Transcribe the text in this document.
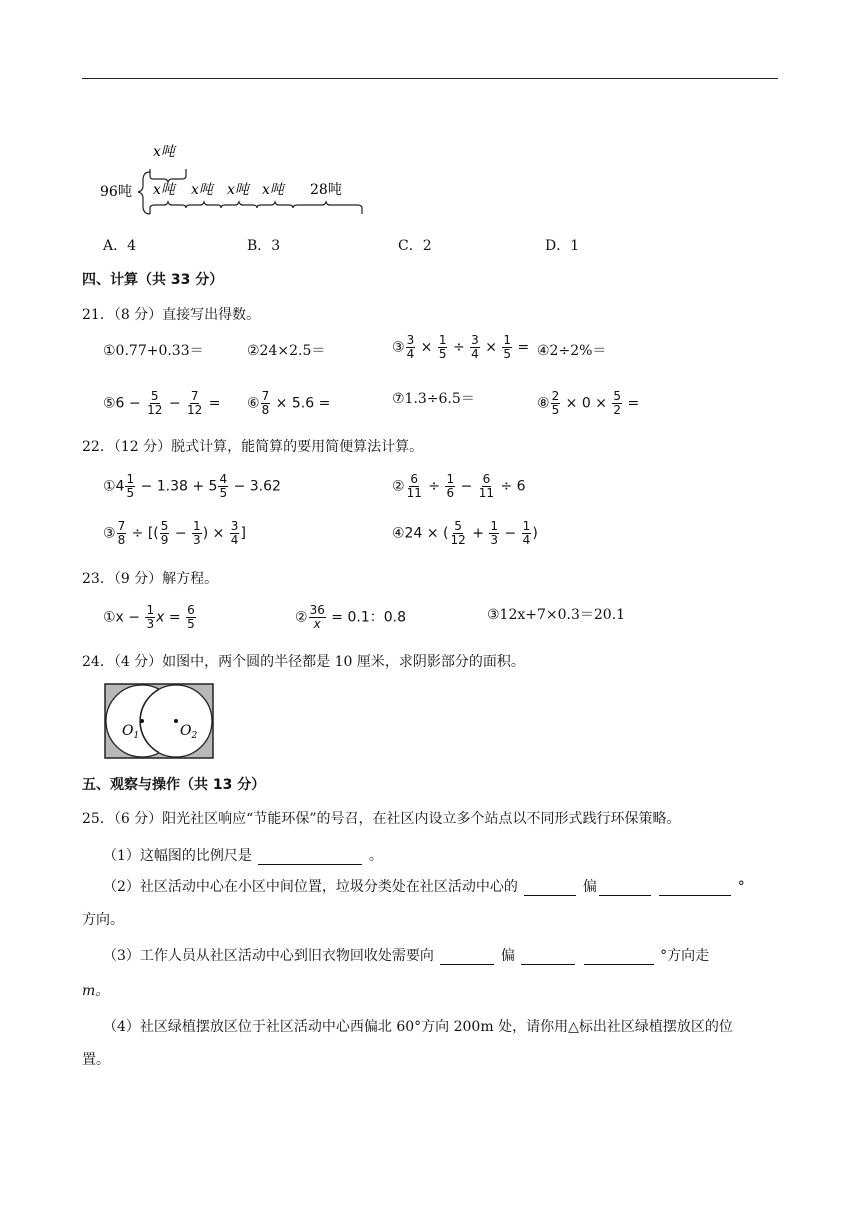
x吨
96吨 x吨 x吨 x吨 x吨 28吨
A．4	B．3	C．2	D．1
四、计算（共 33 分）
21．（8 分）直接写出得数。
①0.77+0.33＝	②24×2.5＝	③ $\frac{3}{4} \times \frac{1}{5} \div \frac{3}{4} \times \frac{1}{5}$ = ④2÷2%＝
⑤6 − $\frac{5}{12} - \frac{7}{12}$ = ⑥ $\frac{7}{8} \times 5.6$ =	⑦1.3÷6.5＝	⑧ $\frac{2}{5} \times 0 \times \frac{5}{2}$ =
22．（12 分）脱式计算，能简算的要用简便算法计算。
①4 $\frac{1}{5} - 1.38 + 5 \frac{4}{5} - 3.62$	② $\frac{6}{11} \div \frac{1}{6} - \frac{6}{11} \div 6$
③ $\frac{7}{8}$ ÷ [( $\frac{5}{9} - \frac{1}{3}$ ) × $\frac{3}{4}$ ]	④24 × ( $\frac{5}{12} + \frac{1}{3} - \frac{1}{4}$ )
23．（9 分）解方程。
①x − $\frac{1}{3}$ $x = \frac{6}{5}$	② $\frac{36}{x} = 0.1$：0.8	③12x+7×0.3＝20.1
24．（4 分）如图中，两个圆的半径都是 10 厘米，求阴影部分的面积。
$O_1$	$O_2$
五、观察与操作（共 13 分）
25．（6 分）阳光社区响应“节能环保”的号召，在社区内设立多个站点以不同形式践行环保策略。
（1）这幅图的比例尺是	。
（2）社区活动中心在小区中间位置，垃圾分类处在社区活动中心的	偏	°
方向。
（3）工作人员从社区活动中心到旧衣物回收处需要向	偏	°方向走
m。
（4）社区绿植摆放区位于社区活动中心西偏北 60°方向 200m 处，请你用△标出社区绿植摆放区的位
置。
